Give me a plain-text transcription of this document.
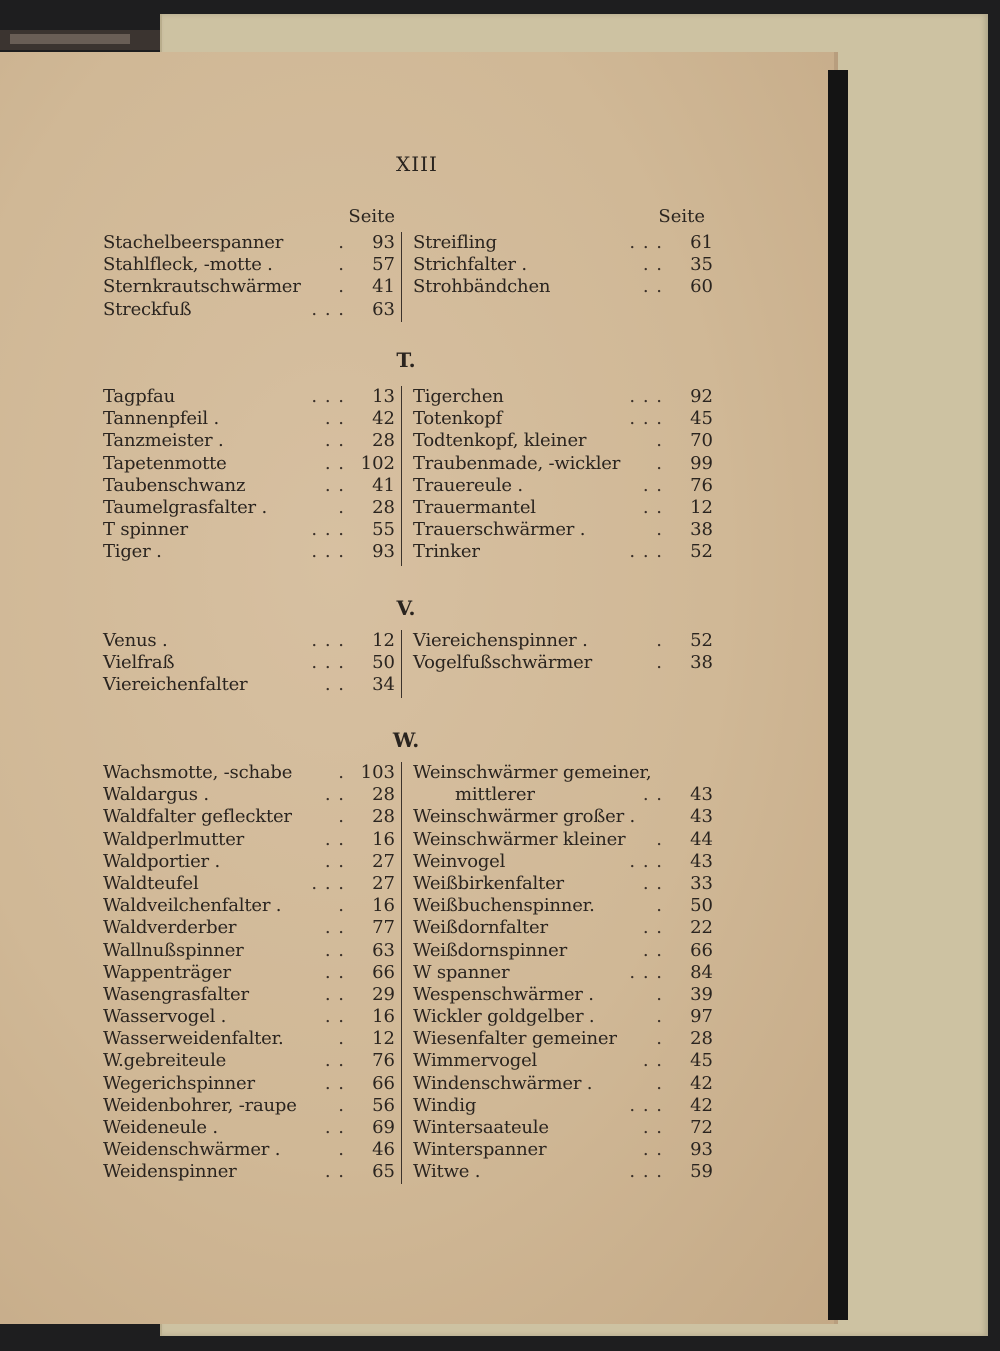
XIII
Seite	Seite
Stachelbeerspanner	. 93
Stahlfleck, -motte .	. 57
Sternkrautschwärmer . 41
Streckfuß	. . . 63
Streifling	. . . 61
Strichfalter .	. . 35
Strohbändchen	. . 60
T.
Tagpfau	. . . 13
Tannenpfeil .	. . 42
Tanzmeister .	. . 28
Tapetenmotte	. . 102
Taubenschwanz	. . 41
Taumelgrasfalter .	. 28
T spinner	. . . 55
Tiger .	. . . 93
Tigerchen	. . . 92
Totenkopf	. . . 45
Todtenkopf, kleiner	. 70
Traubenmade, -wickler . 99
Trauereule .	. . 76
Trauermantel	. . 12
Trauerschwärmer .	. 38
Trinker	. . . 52
V.
Venus .	. . . 12
Vielfraß	. . . 50
Viereichenfalter	. . 34
Viereichenspinner .	. 52
Vogelfußschwärmer	. 38
W.
Wachsmotte, -schabe	. 103
Waldargus .	. . 28
Waldfalter gefleckter	. 28
Waldperlmutter	. . 16
Waldportier .	. . 27
Waldteufel	. . . 27
Waldveilchenfalter .	. 16
Waldverderber	. . 77
Wallnußspinner	. . 63
Wappenträger	. . 66
Wasengrasfalter	. . 29
Wasservogel .	. . 16
Wasserweidenfalter.	. 12
W.gebreiteule	. . 76
Wegerichspinner	. . 66
Weidenbohrer, -raupe . 56
Weideneule .	. . 69
Weidenschwärmer .	. 46
Weidenspinner	. . 65
Weinschwärmer gemeiner,
mittlerer	. . 43
Weinschwärmer großer .	43
Weinschwärmer kleiner . 44
Weinvogel	. . . 43
Weißbirkenfalter	. . 33
Weißbuchenspinner.	. 50
Weißdornfalter	. . 22
Weißdornspinner	. . 66
W spanner	. . . 84
Wespenschwärmer .	. 39
Wickler goldgelber .	. 97
Wiesenfalter gemeiner . 28
Wimmervogel	. . 45
Windenschwärmer .	. 42
Windig	. . . 42
Wintersaateule	. . 72
Winterspanner	. . 93
Witwe .	. . . 59
